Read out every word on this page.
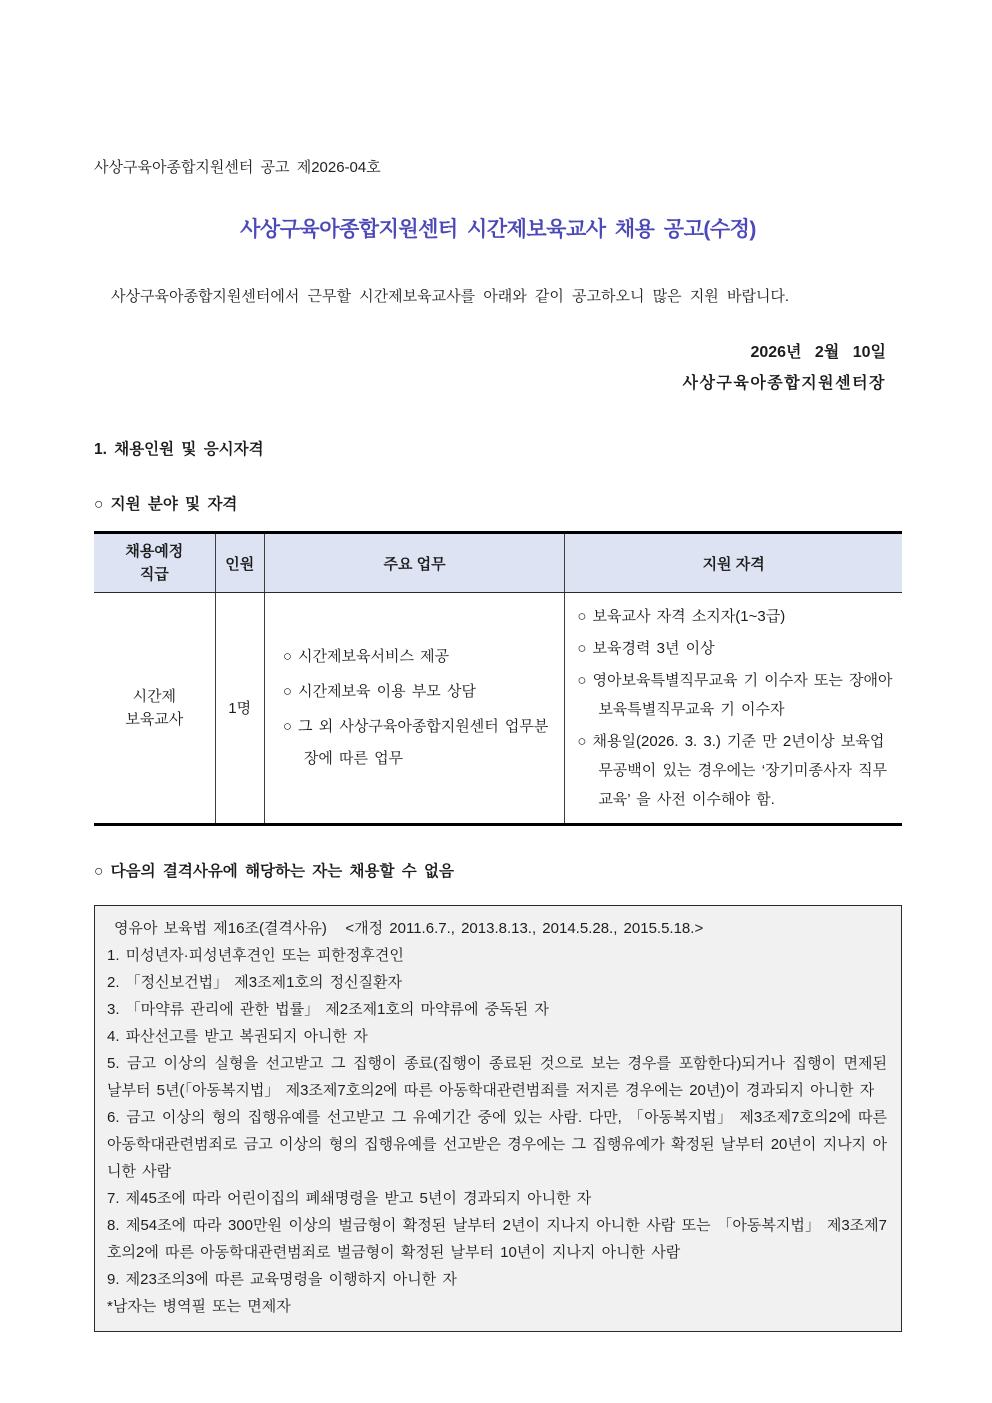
사상구육아종합지원센터 공고 제2026-04호
사상구육아종합지원센터 시간제보육교사 채용 공고(수정)
사상구육아종합지원센터에서 근무할 시간제보육교사를 아래와 같이 공고하오니 많은 지원 바랍니다.
2026년 2월 10일
사상구육아종합지원센터장
1. 채용인원 및 응시자격
○ 지원 분야 및 자격
채용예정
직급
인원	주요 업무	지원 자격
시간제
보육교사
1명
○ 시간제보육서비스 제공
○ 시간제보육 이용 부모 상담
○ 그 외 사상구육아종합지원센터 업무분장에 따른 업무
○ 보육교사 자격 소지자(1~3급)
○ 보육경력 3년 이상
○ 영아보육특별직무교육 기 이수자 또는 장애아보육특별직무교육 기 이수자
○ 채용일(2026. 3. 3.) 기준 만 2년이상 보육업무공백이 있는 경우에는 ‘장기미종사자 직무교육’ 을 사전 이수해야 함.
○ 다음의 결격사유에 해당하는 자는 채용할 수 없음
영유아 보육법 제16조(결격사유)   <개정 2011.6.7., 2013.8.13., 2014.5.28., 2015.5.18.>
1. 미성년자·피성년후견인 또는 피한정후견인
2. 「정신보건법」 제3조제1호의 정신질환자
3. 「마약류 관리에 관한 법률」 제2조제1호의 마약류에 중독된 자
4. 파산선고를 받고 복권되지 아니한 자
5. 금고 이상의 실형을 선고받고 그 집행이 종료(집행이 종료된 것으로 보는 경우를 포함한다)되거나 집행이 면제된 날부터 5년(「아동복지법」 제3조제7호의2에 따른 아동학대관련범죄를 저지른 경우에는 20년)이 경과되지 아니한 자
6. 금고 이상의 형의 집행유예를 선고받고 그 유예기간 중에 있는 사람. 다만, 「아동복지법」 제3조제7호의2에 따른 아동학대관련범죄로 금고 이상의 형의 집행유예를 선고받은 경우에는 그 집행유예가 확정된 날부터 20년이 지나지 아니한 사람
7. 제45조에 따라 어린이집의 폐쇄명령을 받고 5년이 경과되지 아니한 자
8. 제54조에 따라 300만원 이상의 벌금형이 확정된 날부터 2년이 지나지 아니한 사람 또는 「아동복지법」 제3조제7호의2에 따른 아동학대관련범죄로 벌금형이 확정된 날부터 10년이 지나지 아니한 사람
9. 제23조의3에 따른 교육명령을 이행하지 아니한 자
*남자는 병역필 또는 면제자
